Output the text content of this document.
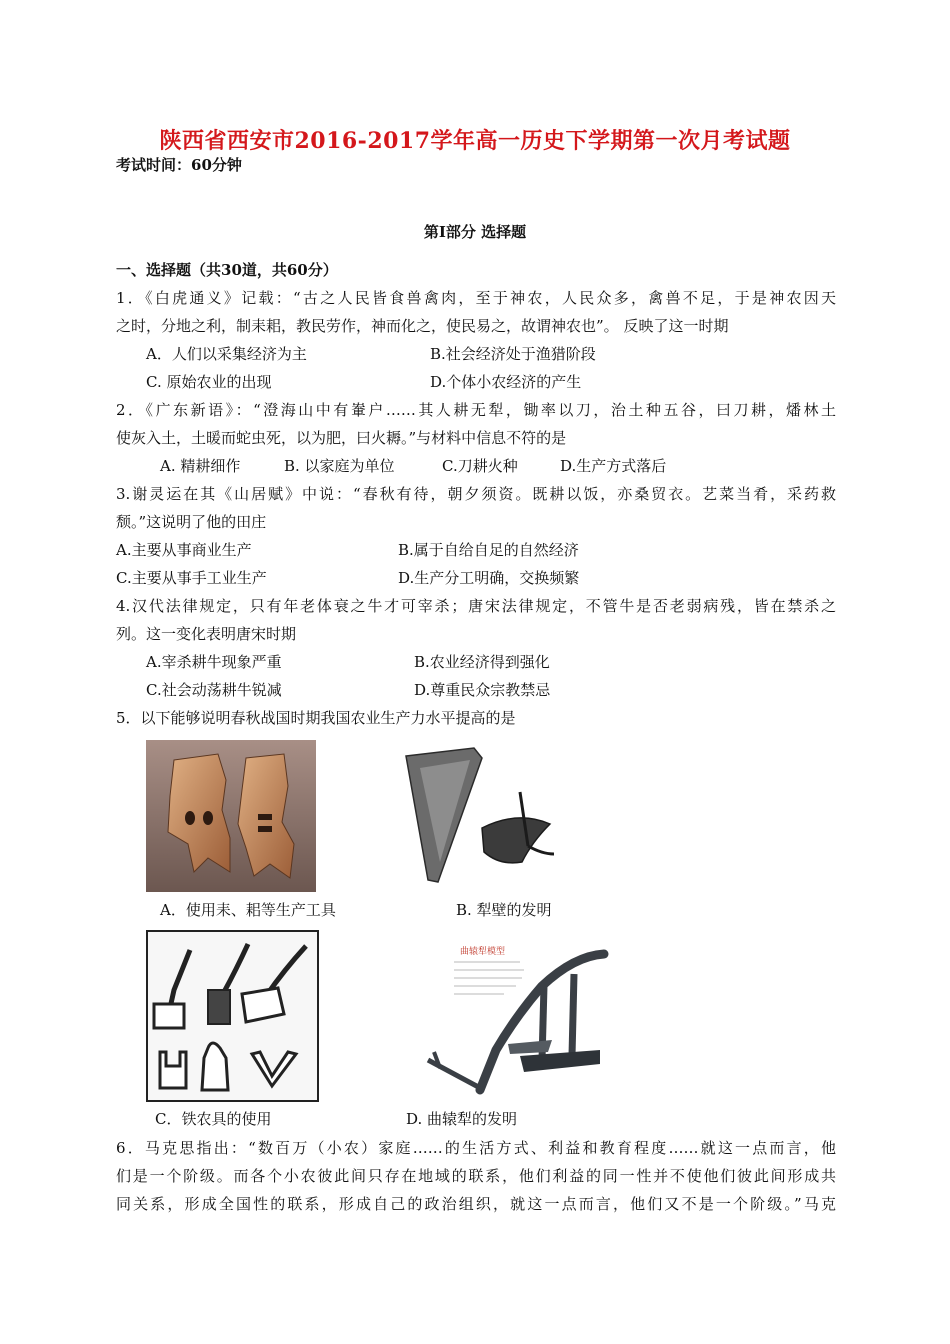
陕西省西安市2016-2017学年高一历史下学期第一次月考试题
考试时间：60分钟
第I部分 选择题
一、选择题（共30道，共60分）
1．《白虎通义》记载：“古之人民皆食兽禽肉，至于神农，人民众多，禽兽不足，于是神农因天
之时，分地之利，制耒耜，教民劳作，神而化之，使民易之，故谓神农也”。 反映了这一时期
A．人们以采集经济为主	B.社会经济处于渔猎阶段
C. 原始农业的出现	D.个体小农经济的产生
2．《广东新语》：“澄海山中有輋户……其人耕无犁，锄率以刀，治土种五谷，曰刀耕，燔林土
使灰入土，土暖而蛇虫死，以为肥，曰火耨。”与材料中信息不符的是
A. 精耕细作	B. 以家庭为单位	C.刀耕火种	D.生产方式落后
3.谢灵运在其《山居赋》中说：“春秋有待，朝夕须资。既耕以饭，亦桑贸衣。艺菜当肴，采药救
颓。”这说明了他的田庄
A.主要从事商业生产	B.属于自给自足的自然经济
C.主要从事手工业生产	D.生产分工明确，交换频繁
4.汉代法律规定，只有年老体衰之牛才可宰杀；唐宋法律规定，不管牛是否老弱病残，皆在禁杀之
列。这一变化表明唐宋时期
A.宰杀耕牛现象严重	B.农业经济得到强化
C.社会动荡耕牛锐减	D.尊重民众宗教禁忌
5．以下能够说明春秋战国时期我国农业生产力水平提高的是
A．使用耒、耜等生产工具	B. 犁壁的发明
C．铁农具的使用
曲辕犁模型
D. 曲辕犁的发明
6．马克思指出：“数百万（小农）家庭……的生活方式、利益和教育程度……就这一点而言，他
们是一个阶级。而各个小农彼此间只存在地域的联系，他们利益的同一性并不使他们彼此间形成共
同关系，形成全国性的联系，形成自己的政治组织，就这一点而言，他们又不是一个阶级。”马克
